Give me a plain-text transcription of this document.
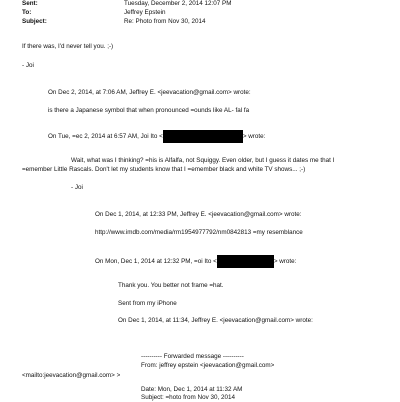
Sent:	Tuesday, December 2, 2014 12:07 PM
To:	Jeffrey Epstein
Subject:	Re: Photo from Nov 30, 2014
If there was, I'd never tell you. ;-)
- Joi
On Dec 2, 2014, at 7:06 AM, Jeffrey E. <jeevacation@gmail.com> wrote:
is there a Japanese symbol that when pronounced =ounds like AL- fal fa
On Tue, =ec 2, 2014 at 6:57 AM, Joi Ito <	> wrote:
Wait, what was I thinking? =his is Alfalfa, not Squiggy. Even older, but I guess it dates me that I
=emember Little Rascals. Don't let my students know that I =emember black and white TV shows... ;-)
- Joi
On Dec 1, 2014, at 12:33 PM, Jeffrey E. <jeevacation@gmail.com> wrote:
http://www.imdb.com/media/rm1954977792/nm0842813 =my resemblance
On Mon, Dec 1, 2014 at 12:32 PM, =oi Ito <	> wrote:
Thank you. You better not frame =hat.
Sent from my iPhone
On Dec 1, 2014, at 11:34, Jeffrey E. <jeevacation@gmail.com> wrote:
---------- Forwarded message ----------
From: jeffrey epstein <jeevacation@gmail.com>
<mailto:jeevacation@gmail.com> >
Date: Mon, Dec 1, 2014 at 11:32 AM
Subject: =hoto from Nov 30, 2014
